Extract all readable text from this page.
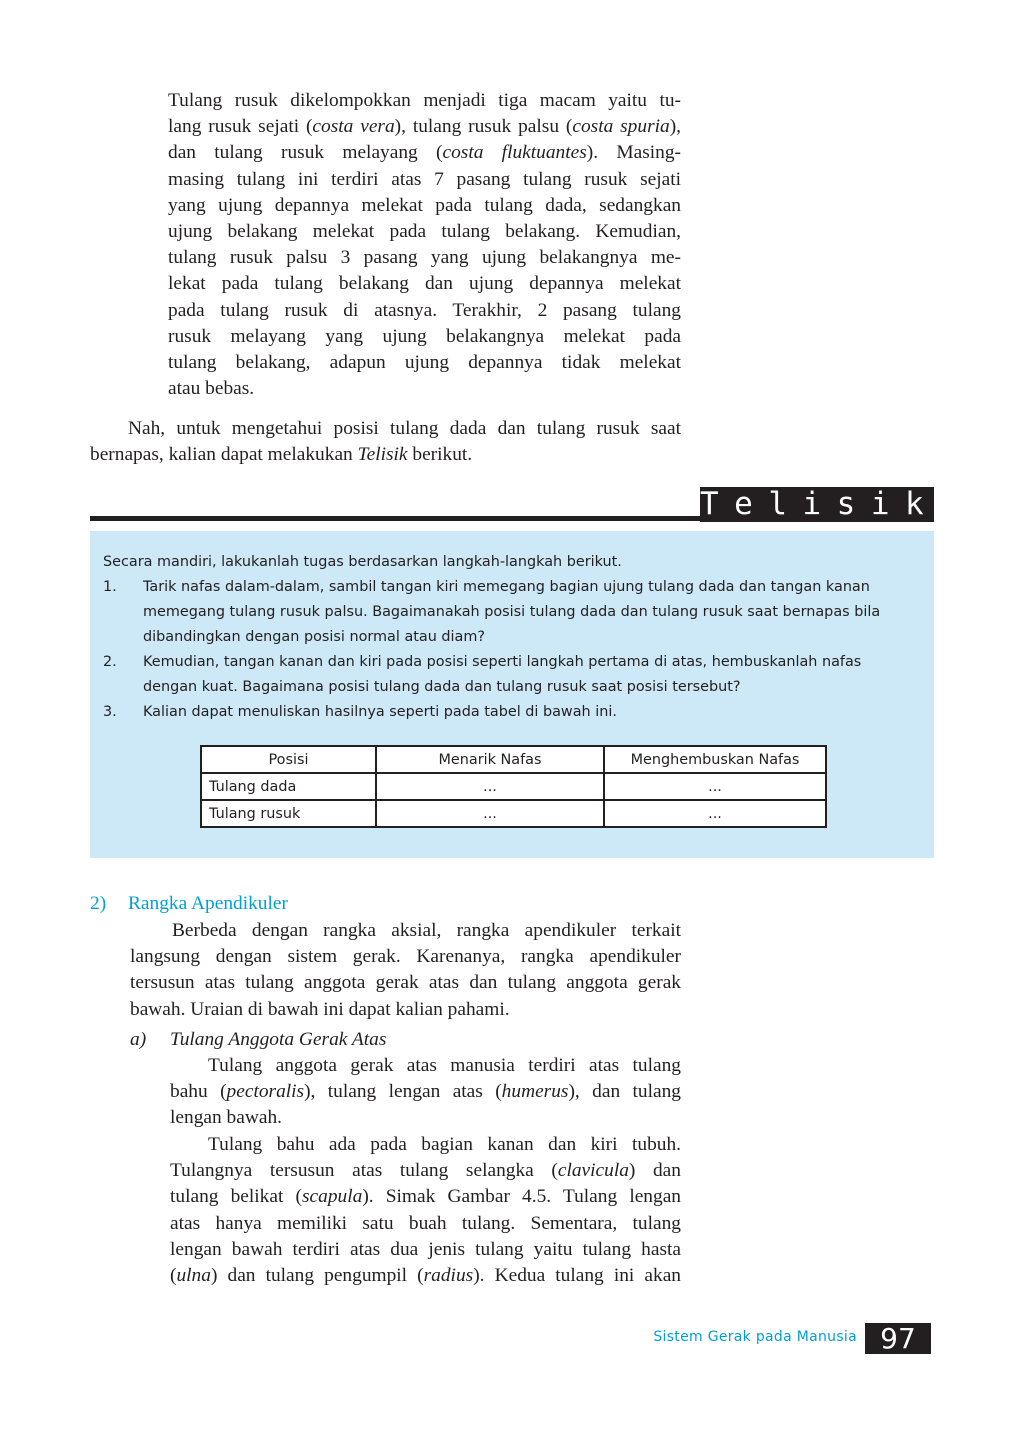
Tulang rusuk dikelompokkan menjadi tiga macam yaitu tu-
lang rusuk sejati (costa vera), tulang rusuk palsu (costa spuria),
dan tulang rusuk melayang (costa fluktuantes). Masing-
masing tulang ini terdiri atas 7 pasang tulang rusuk sejati
yang ujung depannya melekat pada tulang dada, sedangkan
ujung belakang melekat pada tulang belakang. Kemudian,
tulang rusuk palsu 3 pasang yang ujung belakangnya me-
lekat pada tulang belakang dan ujung depannya melekat
pada tulang rusuk di atasnya. Terakhir, 2 pasang tulang
rusuk melayang yang ujung belakangnya melekat pada
tulang belakang, adapun ujung depannya tidak melekat
atau bebas.
Nah, untuk mengetahui posisi tulang dada dan tulang rusuk saat
bernapas, kalian dapat melakukan Telisik berikut.
Telisik
Secara mandiri, lakukanlah tugas berdasarkan langkah-langkah berikut.
1. Tarik nafas dalam-dalam, sambil tangan kiri memegang bagian ujung tulang dada dan tangan kanan
memegang tulang rusuk palsu. Bagaimanakah posisi tulang dada dan tulang rusuk saat bernapas bila
dibandingkan dengan posisi normal atau diam?
2. Kemudian, tangan kanan dan kiri pada posisi seperti langkah pertama di atas, hembuskanlah nafas
dengan kuat. Bagaimana posisi tulang dada dan tulang rusuk saat posisi tersebut?
3. Kalian dapat menuliskan hasilnya seperti pada tabel di bawah ini.
Posisi	Menarik Nafas	Menghembuskan Nafas
Tulang dada	...	...
Tulang rusuk	...	...
2) Rangka Apendikuler
Berbeda dengan rangka aksial, rangka apendikuler terkait
langsung dengan sistem gerak. Karenanya, rangka apendikuler
tersusun atas tulang anggota gerak atas dan tulang anggota gerak
bawah. Uraian di bawah ini dapat kalian pahami.
a) Tulang Anggota Gerak Atas
Tulang anggota gerak atas manusia terdiri atas tulang
bahu (pectoralis), tulang lengan atas (humerus), dan tulang
lengan bawah.
Tulang bahu ada pada bagian kanan dan kiri tubuh.
Tulangnya tersusun atas tulang selangka (clavicula) dan
tulang belikat (scapula). Simak Gambar 4.5. Tulang lengan
atas hanya memiliki satu buah tulang. Sementara, tulang
lengan bawah terdiri atas dua jenis tulang yaitu tulang hasta
(ulna) dan tulang pengumpil (radius). Kedua tulang ini akan
Sistem Gerak pada Manusia 97
